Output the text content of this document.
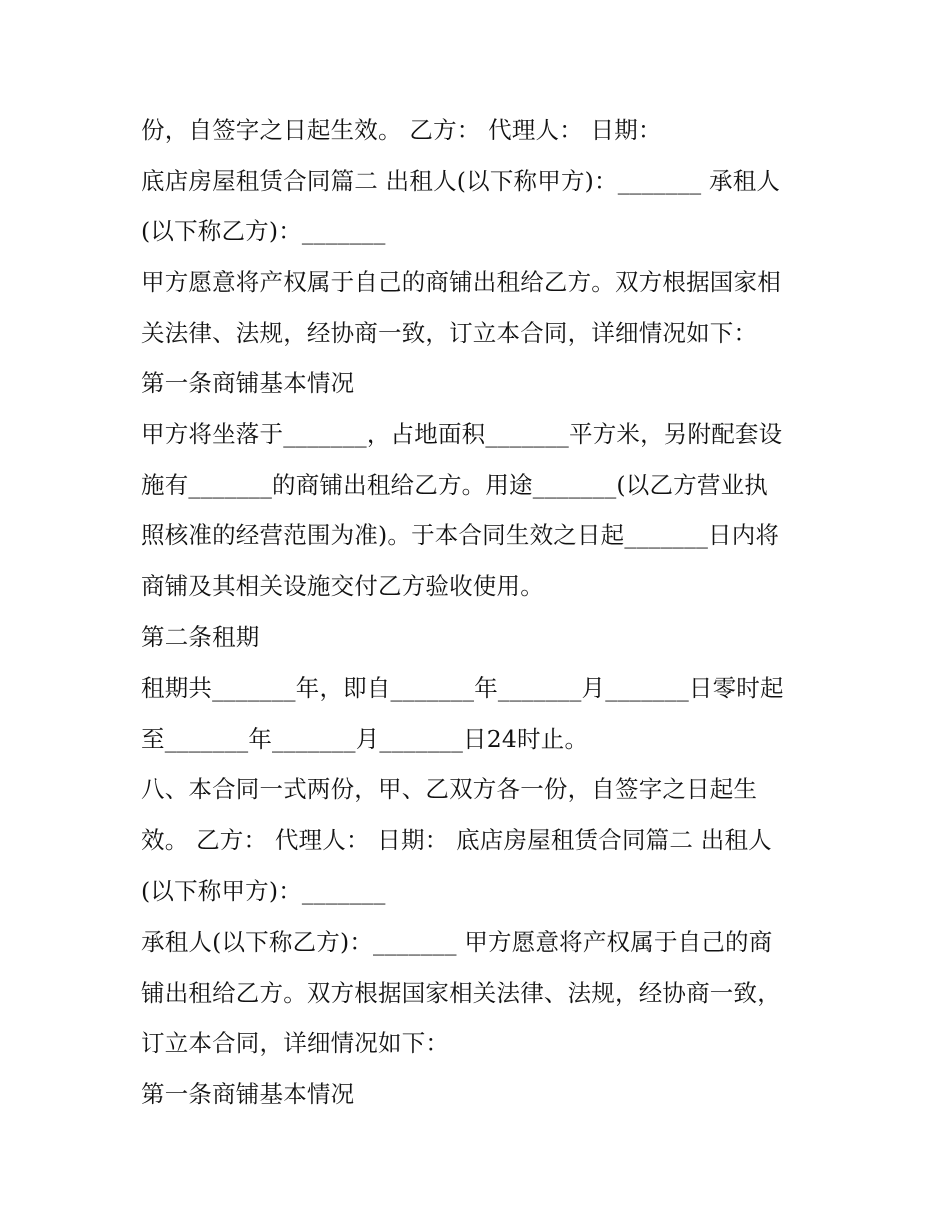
份，自签字之日起生效。 乙方： 代理人： 日期：
底店房屋租赁合同篇二 出租人(以下称甲方)：_______ 承租人
(以下称乙方)：_______
甲方愿意将产权属于自己的商铺出租给乙方。双方根据国家相
关法律、法规，经协商一致，订立本合同，详细情况如下：
第一条商铺基本情况
甲方将坐落于_______，占地面积_______平方米，另附配套设
施有_______的商铺出租给乙方。用途_______(以乙方营业执
照核准的经营范围为准)。于本合同生效之日起_______日内将
商铺及其相关设施交付乙方验收使用。
第二条租期
租期共_______年，即自_______年_______月_______日零时起
至_______年_______月_______日24时止。
八、本合同一式两份，甲、乙双方各一份，自签字之日起生
效。 乙方： 代理人： 日期： 底店房屋租赁合同篇二 出租人
(以下称甲方)：_______
承租人(以下称乙方)：_______ 甲方愿意将产权属于自己的商
铺出租给乙方。双方根据国家相关法律、法规，经协商一致，
订立本合同，详细情况如下：
第一条商铺基本情况
